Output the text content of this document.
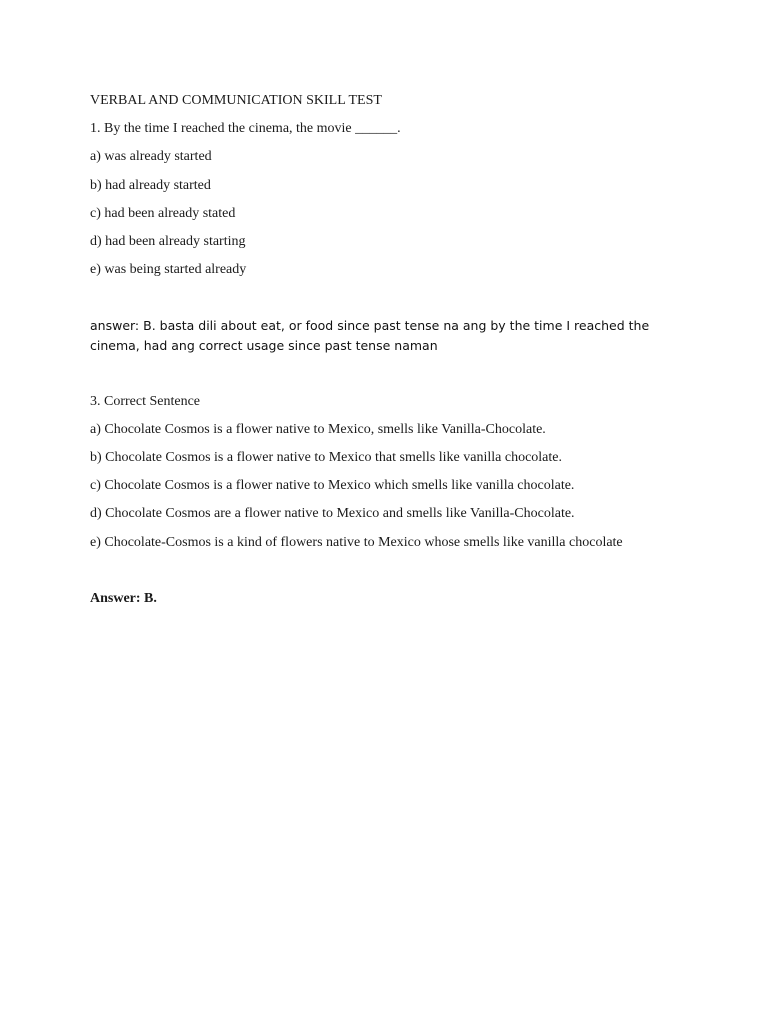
VERBAL AND COMMUNICATION SKILL TEST
1. By the time I reached the cinema, the movie ______.
a) was already started
b) had already started
c) had been already stated
d) had been already starting
e) was being started already
answer: B. basta dili about eat, or food since past tense na ang by the time I reached the cinema, had ang correct usage since past tense naman
3. Correct Sentence
a) Chocolate Cosmos is a flower native to Mexico, smells like Vanilla-Chocolate.
b) Chocolate Cosmos is a flower native to Mexico that smells like vanilla chocolate.
c) Chocolate Cosmos is a flower native to Mexico which smells like vanilla chocolate.
d) Chocolate Cosmos are a flower native to Mexico and smells like Vanilla-Chocolate.
e) Chocolate-Cosmos is a kind of flowers native to Mexico whose smells like vanilla chocolate
Answer: B.
